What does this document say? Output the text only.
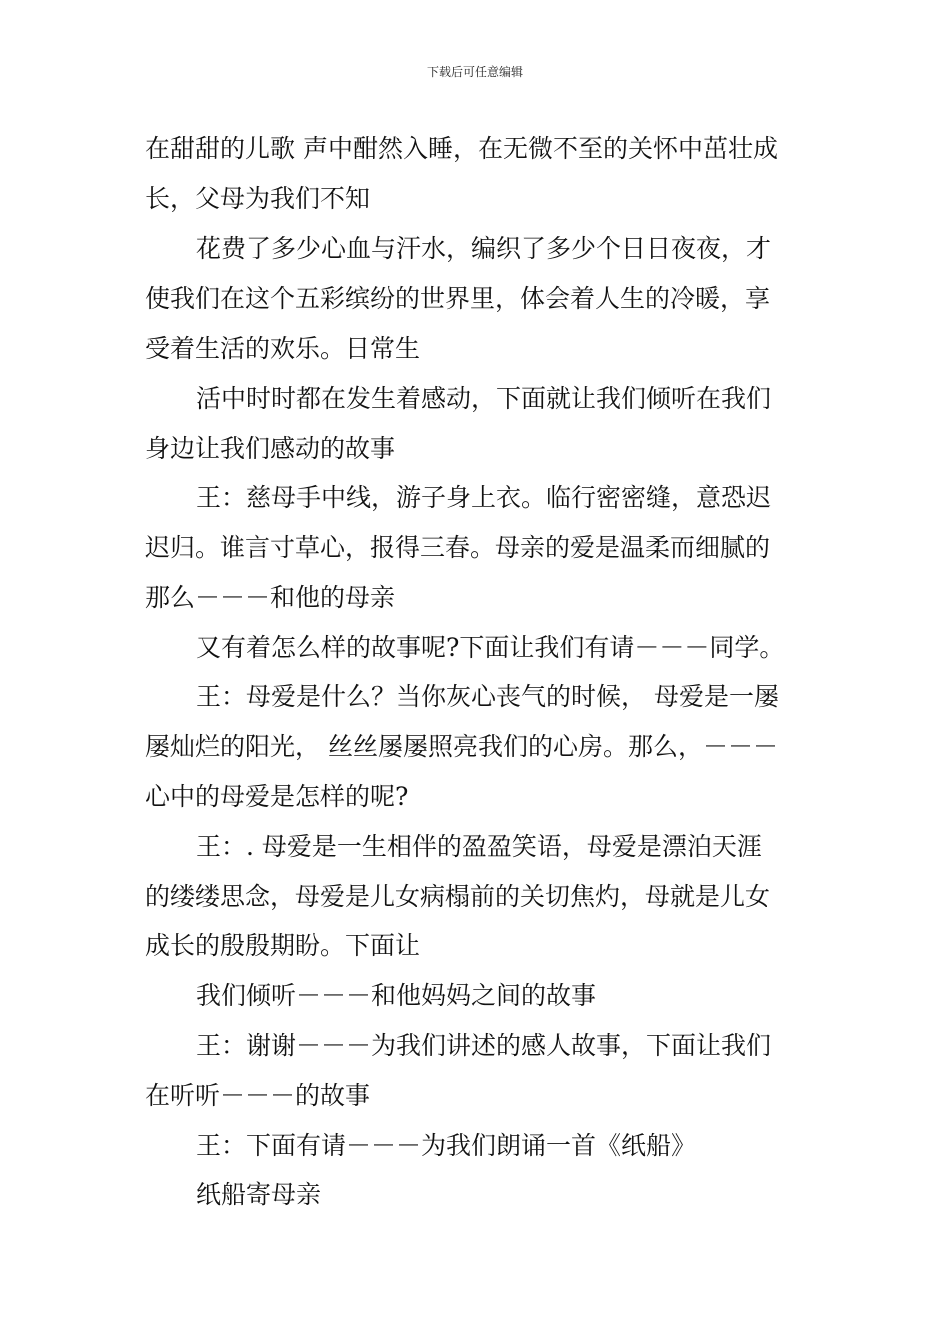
下载后可任意编辑
在甜甜的儿歌 声中酣然入睡，在无微不至的关怀中茁壮成
长，父母为我们不知
花费了多少心血与汗水，编织了多少个日日夜夜，才
使我们在这个五彩缤纷的世界里，体会着人生的冷暖，享
受着生活的欢乐。日常生
活中时时都在发生着感动，下面就让我们倾听在我们
身边让我们感动的故事
王：慈母手中线，游子身上衣。临行密密缝，意恐迟
迟归。谁言寸草心，报得三春。母亲的爱是温柔而细腻的
那么－－－和他的母亲
又有着怎么样的故事呢?下面让我们有请－－－同学。
王：母爱是什么？当你灰心丧气的时候， 母爱是一屡
屡灿烂的阳光， 丝丝屡屡照亮我们的心房。那么，－－－
心中的母爱是怎样的呢?
王：. 母爱是一生相伴的盈盈笑语，母爱是漂泊天涯
的缕缕思念，母爱是儿女病榻前的关切焦灼，母就是儿女
成长的殷殷期盼。下面让
我们倾听－－－和他妈妈之间的故事
王：谢谢－－－为我们讲述的感人故事，下面让我们
在听听－－－的故事
王：下面有请－－－为我们朗诵一首《纸船》
纸船寄母亲
